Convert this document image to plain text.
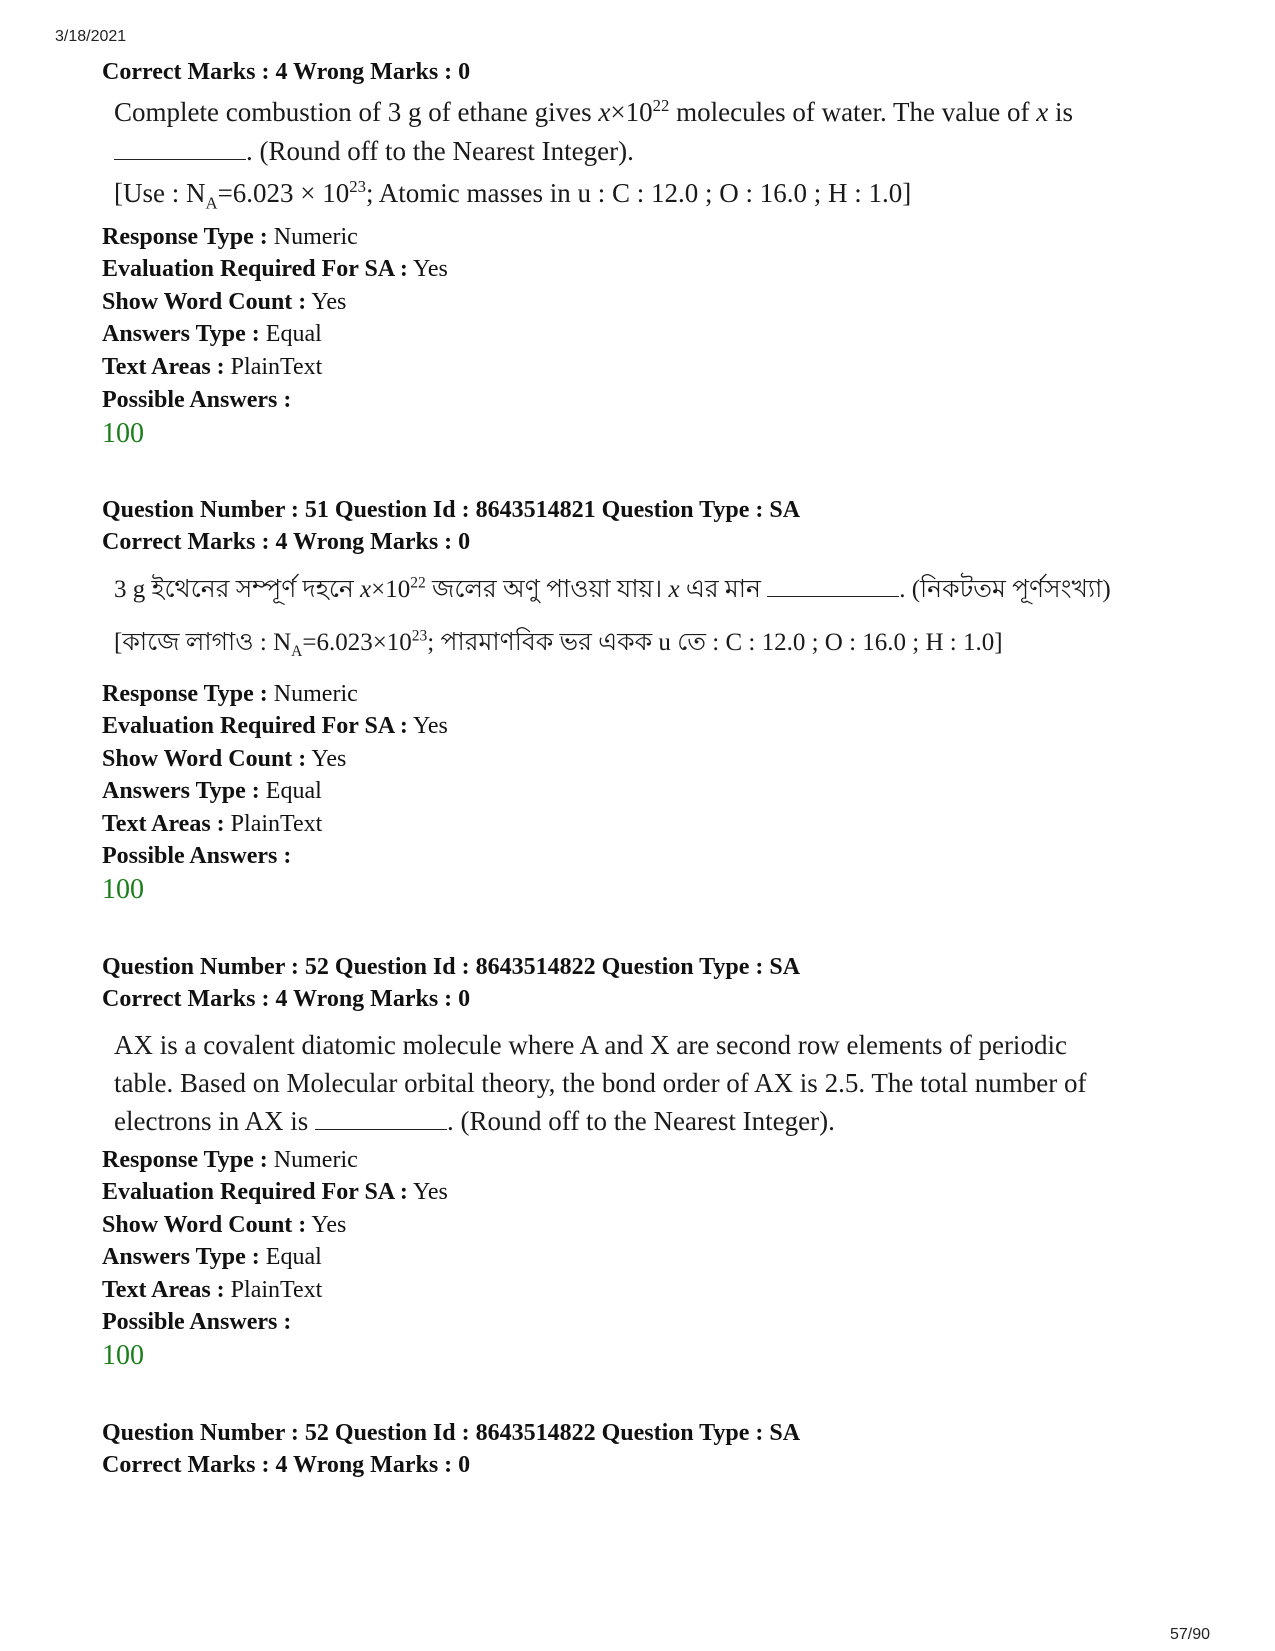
3/18/2021
Correct Marks : 4 Wrong Marks : 0
Complete combustion of 3 g of ethane gives $x\times 10^{22}$ molecules of water. The value of x is
. (Round off to the Nearest Integer).
[Use : $N_A=6.023 \times 10^{23}$; Atomic masses in u : C : 12.0 ; O : 16.0 ; H : 1.0]
Response Type : Numeric
Evaluation Required For SA : Yes
Show Word Count : Yes
Answers Type : Equal
Text Areas : PlainText
Possible Answers :
100
Question Number : 51 Question Id : 8643514821 Question Type : SA
Correct Marks : 4 Wrong Marks : 0
3 g ইথেনের সম্পূর্ণ দহনে $x\times 10^{22}$ জলের অণু পাওয়া যায়। x এর মান	. (নিকটতম পূর্ণসংখ্যা)
[কাজে লাগাও : $N_A=6.023\times 10^{23}$; পারমাণবিক ভর একক u তে : C : 12.0 ; O : 16.0 ; H : 1.0]
Response Type : Numeric
Evaluation Required For SA : Yes
Show Word Count : Yes
Answers Type : Equal
Text Areas : PlainText
Possible Answers :
100
Question Number : 52 Question Id : 8643514822 Question Type : SA
Correct Marks : 4 Wrong Marks : 0
AX is a covalent diatomic molecule where A and X are second row elements of periodic
table. Based on Molecular orbital theory, the bond order of AX is 2.5. The total number of
electrons in AX is	. (Round off to the Nearest Integer).
Response Type : Numeric
Evaluation Required For SA : Yes
Show Word Count : Yes
Answers Type : Equal
Text Areas : PlainText
Possible Answers :
100
Question Number : 52 Question Id : 8643514822 Question Type : SA
Correct Marks : 4 Wrong Marks : 0
57/90
